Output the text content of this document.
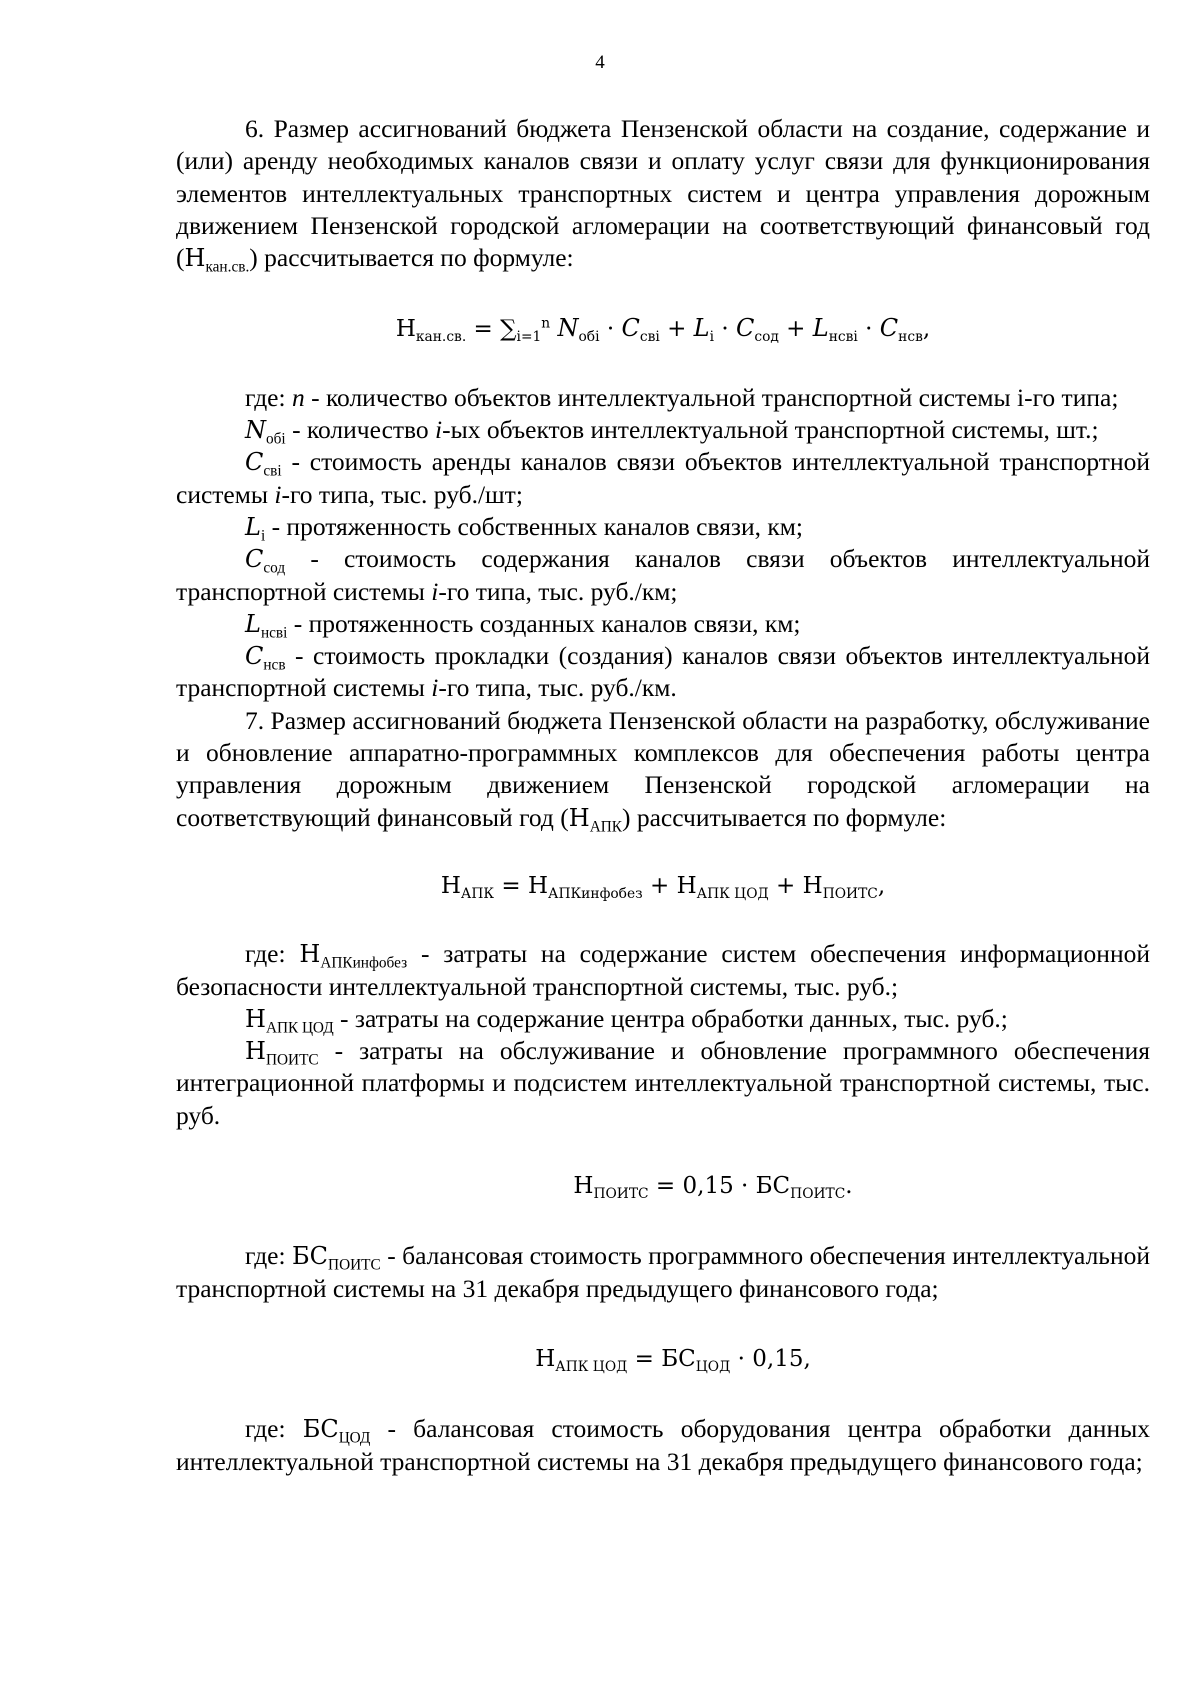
4

6. Размер ассигнований бюджета Пензенской области на создание, содержание и (или) аренду необходимых каналов связи и оплату услуг связи для функционирования элементов интеллектуальных транспортных систем и центра управления дорожным движением Пензенской городской агломерации на соответствующий финансовый год $(Н_{кан.св.})$ рассчитывается по формуле:

$Н_{кан.св.} = \sum_{i=1}^n$ $N_{обi} \cdot C_{свi} + L_i \cdot C_{сод} + L_{нсвi} \cdot C_{нсв}$,

где: n - количество объектов интеллектуальной транспортной системы i-го типа;

$N_{обi}$ - количество i-ых объектов интеллектуальной транспортной системы, шт.;

$C_{свi}$ - стоимость аренды каналов связи объектов интеллектуальной транспортной системы i-го типа, тыс. руб./шт;

$L_i$ - протяженность собственных каналов связи, км;

$C_{сод}$ - стоимость содержания каналов связи объектов интеллектуальной транспортной системы i-го типа, тыс. руб./км;

$L_{нсвi}$ - протяженность созданных каналов связи, км;

$C_{нсв}$ - стоимость прокладки (создания) каналов связи объектов интеллектуальной транспортной системы i-го типа, тыс. руб./км.

7. Размер ассигнований бюджета Пензенской области на разработку, обслуживание и обновление аппаратно-программных комплексов для обеспечения работы центра управления дорожным движением Пензенской городской агломерации на соответствующий финансовый год $(Н_{АПК})$ рассчитывается по формуле:

$Н_{АПК} = Н_{АПКинфобез} + Н_{АПК ЦОД} + Н_{ПОИТС}$,

где: $Н_{АПКинфобез}$ - затраты на содержание систем обеспечения информационной безопасности интеллектуальной транспортной системы, тыс. руб.;

$Н_{АПК ЦОД}$ - затраты на содержание центра обработки данных, тыс. руб.;

$Н_{ПОИТС}$ - затраты на обслуживание и обновление программного обеспечения интеграционной платформы и подсистем интеллектуальной транспортной системы, тыс. руб.

$Н_{ПОИТС} = 0,15 \cdot БС_{ПОИТС}$.

где: $БС_{ПОИТС}$ - балансовая стоимость программного обеспечения интеллектуальной транспортной системы на 31 декабря предыдущего финансового года;

$Н_{АПК ЦОД} = БС_{ЦОД} \cdot 0,15$,

где: $БС_{ЦОД}$ - балансовая стоимость оборудования центра обработки данных интеллектуальной транспортной системы на 31 декабря предыдущего финансового года;
